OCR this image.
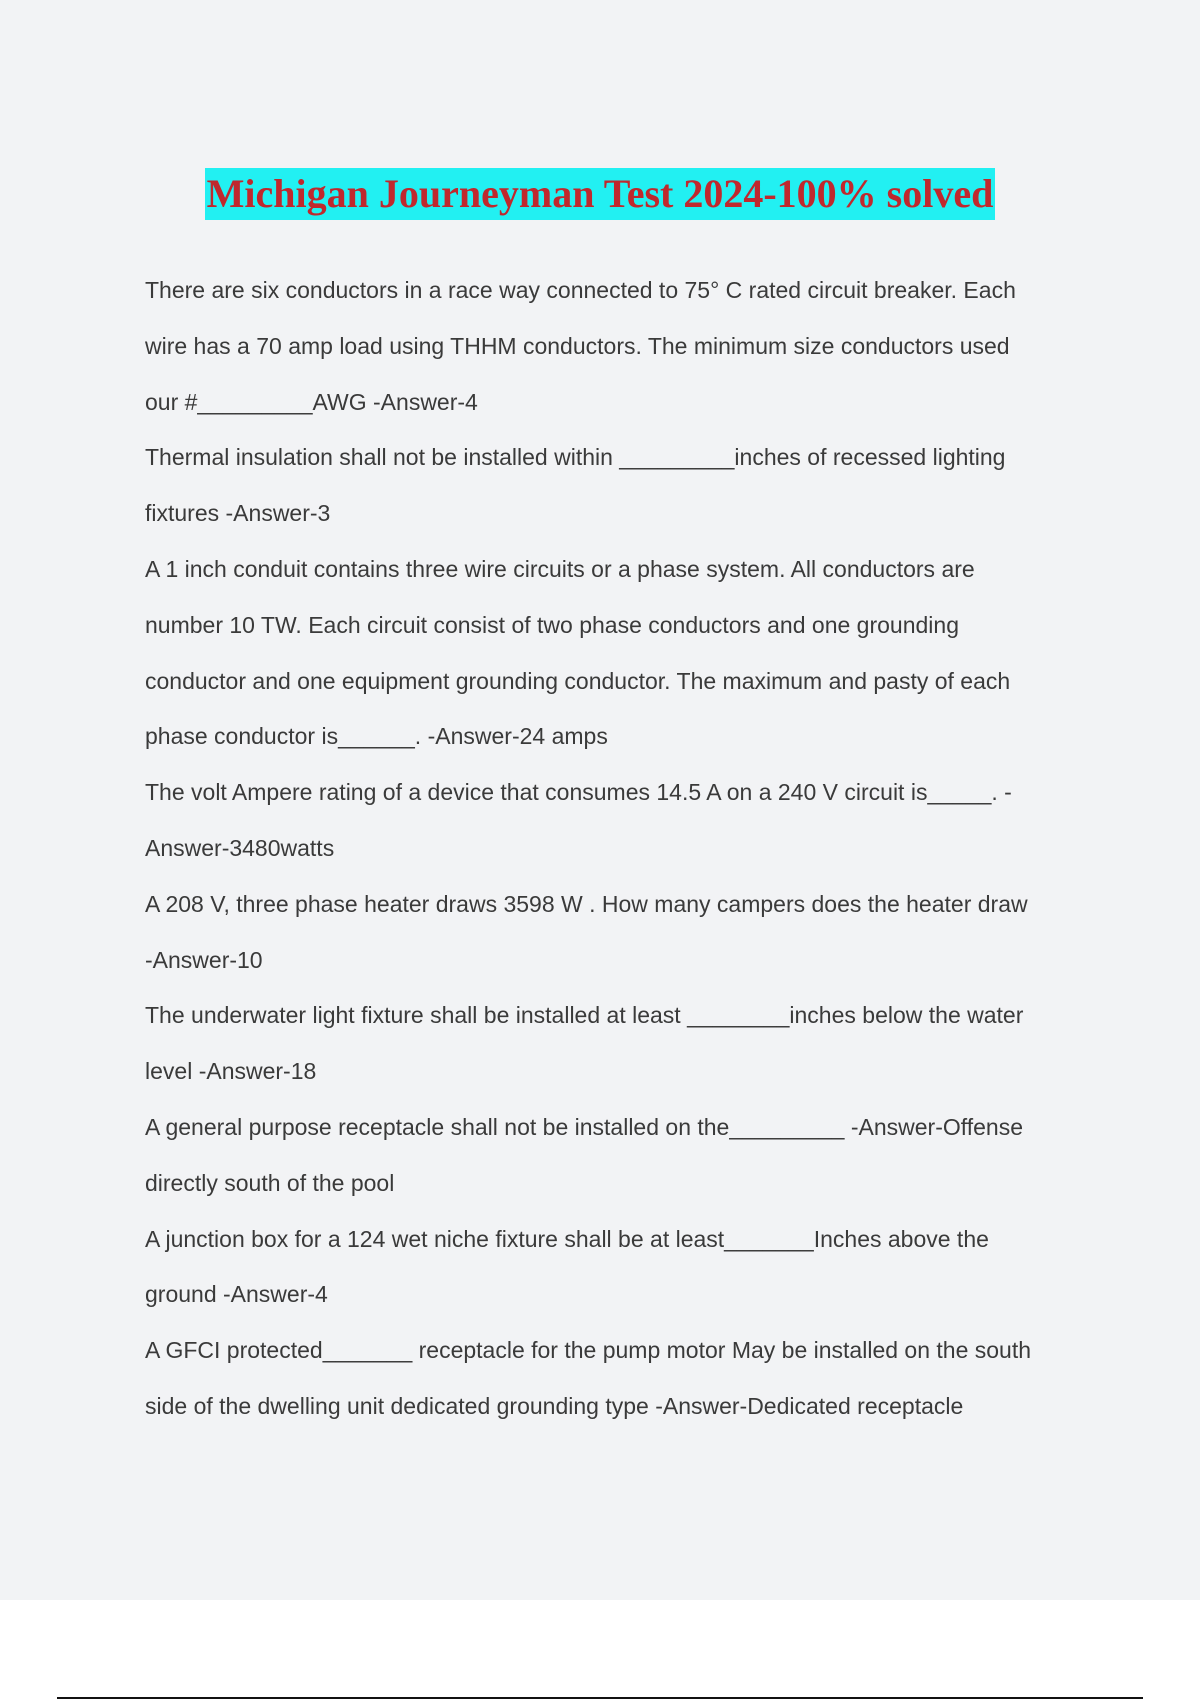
Michigan Journeyman Test 2024-100% solved

There are six conductors in a race way connected to 75° C rated circuit breaker. Each
wire has a 70 amp load using THHM conductors. The minimum size conductors used
our #_________AWG -Answer-4

Thermal insulation shall not be installed within _________inches of recessed lighting
fixtures -Answer-3

A 1 inch conduit contains three wire circuits or a phase system. All conductors are
number 10 TW. Each circuit consist of two phase conductors and one grounding
conductor and one equipment grounding conductor. The maximum and pasty of each
phase conductor is______. -Answer-24 amps

The volt Ampere rating of a device that consumes 14.5 A on a 240 V circuit is_____. -
Answer-3480watts

A 208 V, three phase heater draws 3598 W . How many campers does the heater draw
-Answer-10

The underwater light fixture shall be installed at least ________inches below the water
level -Answer-18

A general purpose receptacle shall not be installed on the_________ -Answer-Offense
directly south of the pool

A junction box for a 124 wet niche fixture shall be at least_______Inches above the
ground -Answer-4

A GFCI protected_______ receptacle for the pump motor May be installed on the south
side of the dwelling unit dedicated grounding type -Answer-Dedicated receptacle
